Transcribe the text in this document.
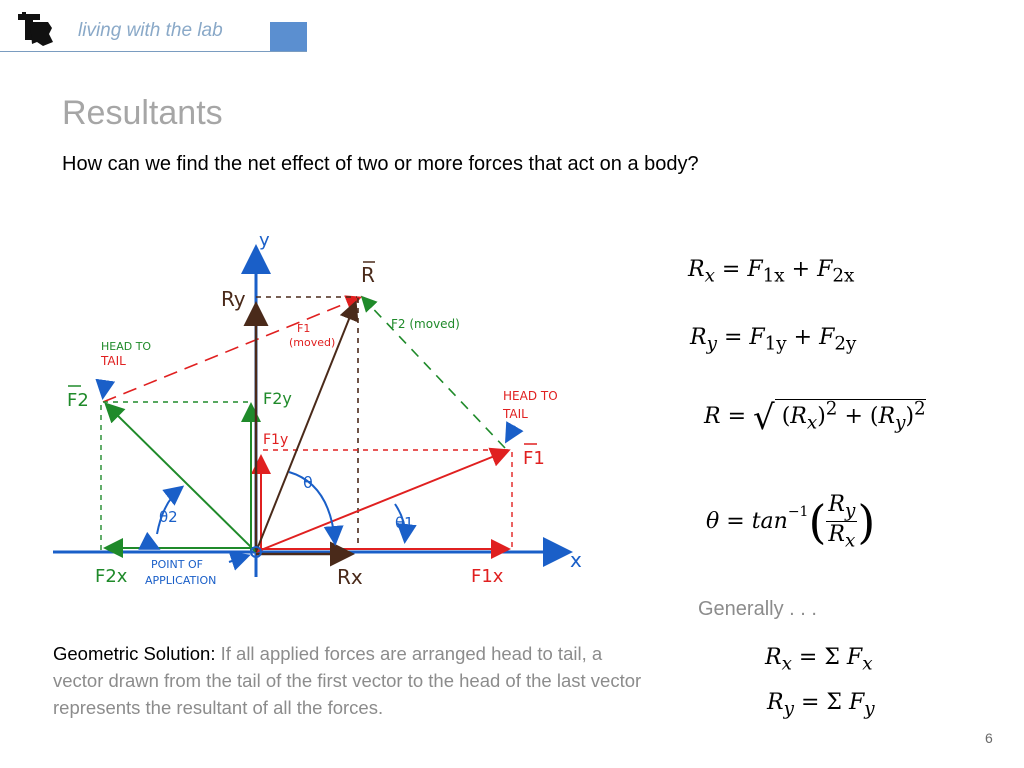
living with the lab
Resultants
How can we find the net effect of two or more forces that act on a body?
y
x
R
Ry
Rx
F1
F2
F1x
F2x
F1y
F2y
F2 (moved)
F1
(moved)
HEAD TO
TAIL
HEAD TO
TAIL
θ
θ1
θ2
POINT OF
APPLICATION
$R_x = F_{1x} + F_{2x}$
$R_y = F_{1y} + F_{2y}$
R = √ $(R_x)^2 + (R_y)^2$
θ
=
$\tan^{-1}$ ( $R_y$
$R_x$ )
Generally . . .
$R_x = \Sigma$ $F_x$
$R_y = \Sigma$ $F_y$
Geometric Solution: If all applied forces are arranged head to tail, a vector drawn from the tail of the first vector to the head of the last vector represents the resultant of all the forces.
6
